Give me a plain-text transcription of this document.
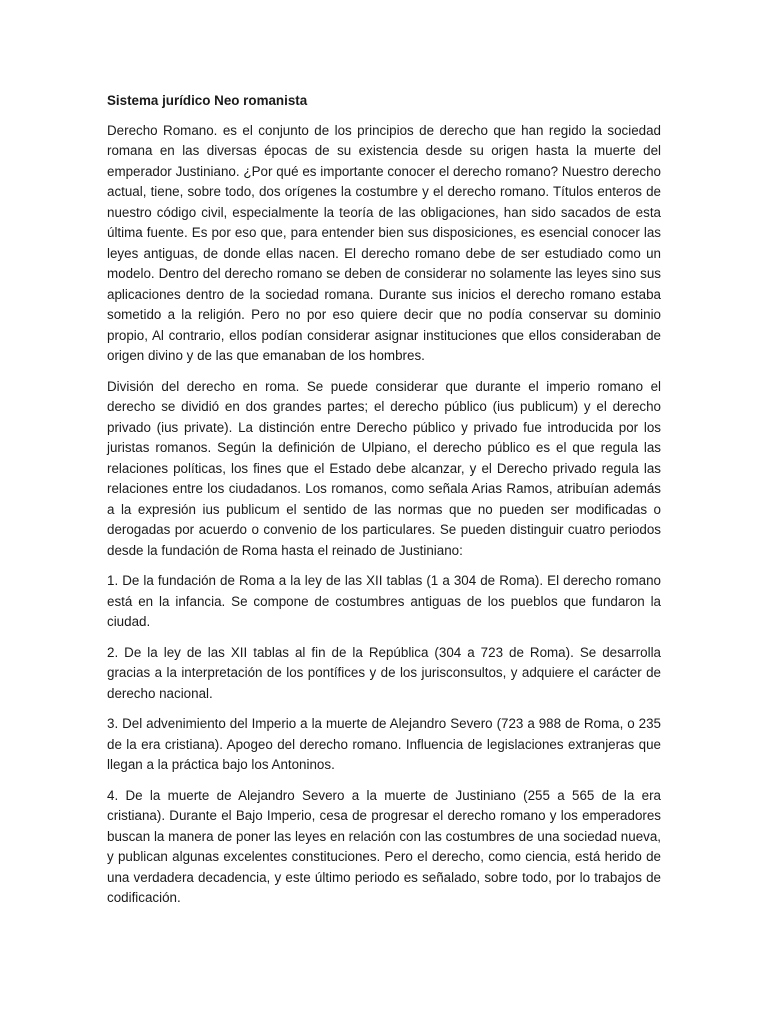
Sistema jurídico Neo romanista

Derecho Romano. es el conjunto de los principios de derecho que han regido la sociedad romana en las diversas épocas de su existencia desde su origen hasta la muerte del emperador Justiniano. ¿Por qué es importante conocer el derecho romano? Nuestro derecho actual, tiene, sobre todo, dos orígenes la costumbre y el derecho romano. Títulos enteros de nuestro código civil, especialmente la teoría de las obligaciones, han sido sacados de esta última fuente. Es por eso que, para entender bien sus disposiciones, es esencial conocer las leyes antiguas, de donde ellas nacen. El derecho romano debe de ser estudiado como un modelo. Dentro del derecho romano se deben de considerar no solamente las leyes sino sus aplicaciones dentro de la sociedad romana. Durante sus inicios el derecho romano estaba sometido a la religión. Pero no por eso quiere decir que no podía conservar su dominio propio, Al contrario, ellos podían considerar asignar instituciones que ellos consideraban de origen divino y de las que emanaban de los hombres.

División del derecho en roma. Se puede considerar que durante el imperio romano el derecho se dividió en dos grandes partes; el derecho público (ius publicum) y el derecho privado (ius private). La distinción entre Derecho público y privado fue introducida por los juristas romanos. Según la definición de Ulpiano, el derecho público es el que regula las relaciones políticas, los fines que el Estado debe alcanzar, y el Derecho privado regula las relaciones entre los ciudadanos. Los romanos, como señala Arias Ramos, atribuían además a la expresión ius publicum el sentido de las normas que no pueden ser modificadas o derogadas por acuerdo o convenio de los particulares. Se pueden distinguir cuatro periodos desde la fundación de Roma hasta el reinado de Justiniano:

1. De la fundación de Roma a la ley de las XII tablas (1 a 304 de Roma). El derecho romano está en la infancia. Se compone de costumbres antiguas de los pueblos que fundaron la ciudad.

2. De la ley de las XII tablas al fin de la República (304 a 723 de Roma). Se desarrolla gracias a la interpretación de los pontífices y de los jurisconsultos, y adquiere el carácter de derecho nacional.

3. Del advenimiento del Imperio a la muerte de Alejandro Severo (723 a 988 de Roma, o 235 de la era cristiana). Apogeo del derecho romano. Influencia de legislaciones extranjeras que llegan a la práctica bajo los Antoninos.

4. De la muerte de Alejandro Severo a la muerte de Justiniano (255 a 565 de la era cristiana). Durante el Bajo Imperio, cesa de progresar el derecho romano y los emperadores buscan la manera de poner las leyes en relación con las costumbres de una sociedad nueva, y publican algunas excelentes constituciones. Pero el derecho, como ciencia, está herido de una verdadera decadencia, y este último periodo es señalado, sobre todo, por lo trabajos de codificación.
